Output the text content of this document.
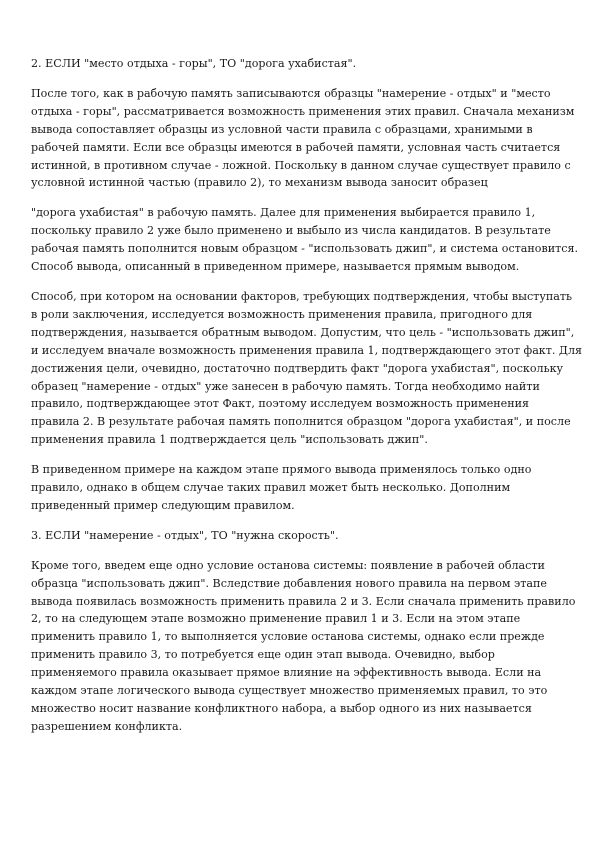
2. ЕСЛИ "место отдыха - горы", ТО "дорога ухабистая".
После того, как в рабочую память записываются образцы "намерение - отдых" и "место
отдыха - горы", рассматривается возможность применения этих правил. Сначала механизм
вывода сопоставляет образцы из условной части правила с образцами, хранимыми в
рабочей памяти. Если все образцы имеются в рабочей памяти, условная часть считается
истинной, в противном случае - ложной. Поскольку в данном случае существует правило с
условной истинной частью (правило 2), то механизм вывода заносит образец
"дорога ухабистая" в рабочую память. Далее для применения выбирается правило 1,
поскольку правило 2 уже было применено и выбыло из числа кандидатов. В результате
рабочая память пополнится новым образцом - "использовать джип", и система остановится.
Способ вывода, описанный в приведенном примере, называется прямым выводом.
Способ, при котором на основании факторов, требующих подтверждения, чтобы выступать
в роли заключения, исследуется возможность применения правила, пригодного для
подтверждения, называется обратным выводом. Допустим, что цель - "использовать джип",
и исследуем вначале возможность применения правила 1, подтверждающего этот факт. Для
достижения цели, очевидно, достаточно подтвердить факт "дорога ухабистая", поскольку
образец "намерение - отдых" уже занесен в рабочую память. Тогда необходимо найти
правило, подтверждающее этот Факт, поэтому исследуем возможность применения
правила 2. В результате рабочая память пополнится образцом "дорога ухабистая", и после
применения правила 1 подтверждается цель "использовать джип".
В приведенном примере на каждом этапе прямого вывода применялось только одно
правило, однако в общем случае таких правил может быть несколько. Дополним
приведенный пример следующим правилом.
3. ЕСЛИ "намерение - отдых", ТО "нужна скорость".
Кроме того, введем еще одно условие останова системы: появление в рабочей области
образца "использовать джип". Вследствие добавления нового правила на первом этапе
вывода появилась возможность применить правила 2 и 3. Если сначала применить правило
2, то на следующем этапе возможно применение правил 1 и 3. Если на этом этапе
применить правило 1, то выполняется условие останова системы, однако если прежде
применить правило 3, то потребуется еще один этап вывода. Очевидно, выбор
применяемого правила оказывает прямое влияние на эффективность вывода. Если на
каждом этапе логического вывода существует множество применяемых правил, то это
множество носит название конфликтного набора, а выбор одного из них называется
разрешением конфликта.
